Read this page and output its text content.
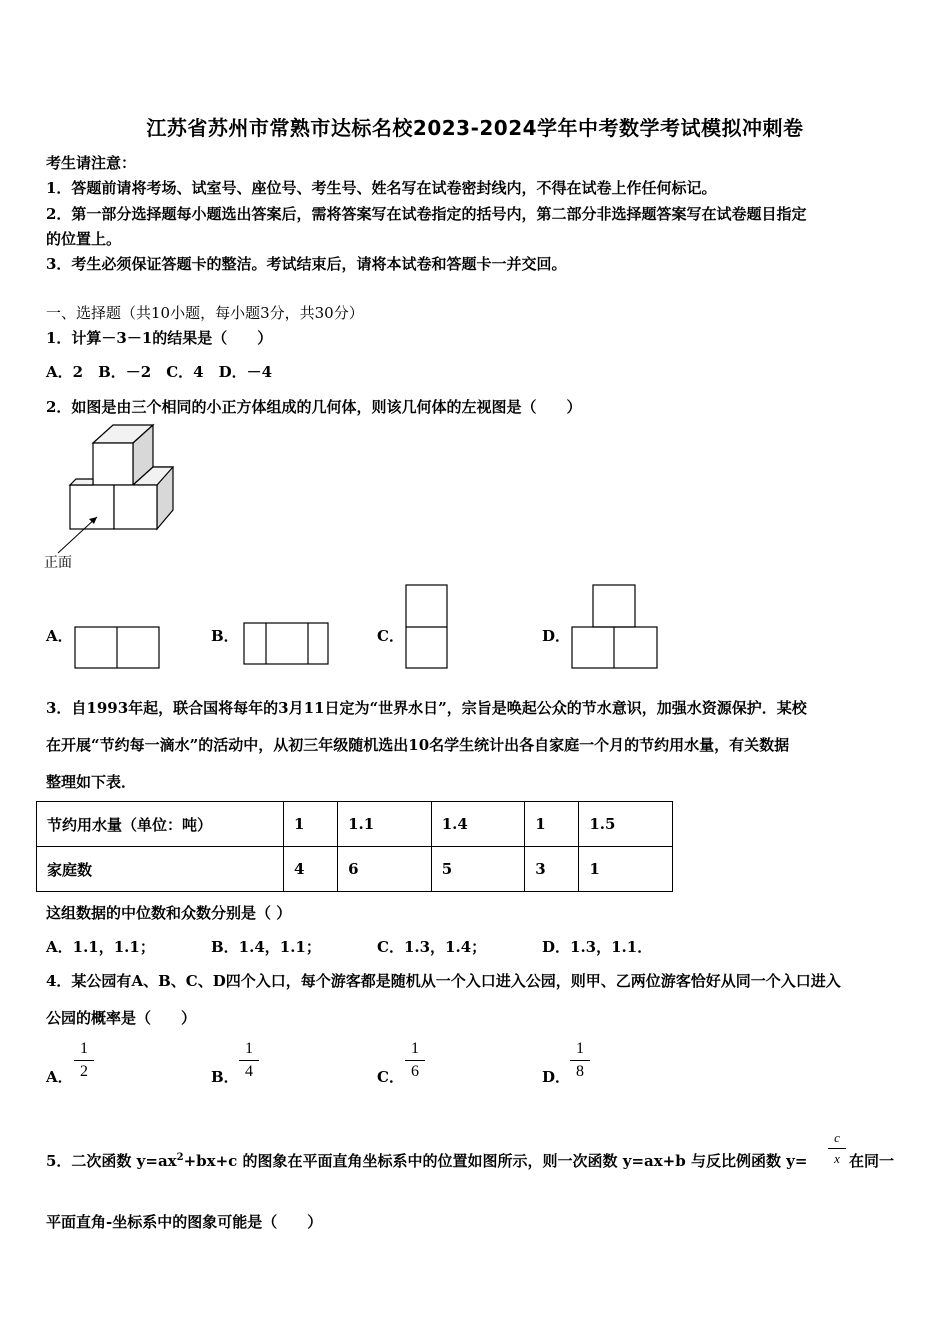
江苏省苏州市常熟市达标名校2023-2024学年中考数学考试模拟冲刺卷
考生请注意：
1．答题前请将考场、试室号、座位号、考生号、姓名写在试卷密封线内，不得在试卷上作任何标记。
2．第一部分选择题每小题选出答案后，需将答案写在试卷指定的括号内，第二部分非选择题答案写在试卷题目指定
的位置上。
3．考生必须保证答题卡的整洁。考试结束后，请将本试卷和答题卡一并交回。
一、选择题（共10小题，每小题3分，共30分）
1．计算－3－1的结果是（　　）
A．2　B．－2　C．4　D．－4
2．如图是由三个相同的小正方体组成的几何体，则该几何体的左视图是（　　）
正面
A．	B．	C．	D．
3．自1993年起，联合国将每年的3月11日定为“世界水日”，宗旨是唤起公众的节水意识，加强水资源保护．某校
在开展“节约每一滴水”的活动中，从初三年级随机选出10名学生统计出各自家庭一个月的节约用水量，有关数据
整理如下表．
节约用水量（单位：吨）	1	1.1	1.4	1	1.5
家庭数	4	6	5	3	1
这组数据的中位数和众数分别是（ ）
A．1.1，1.1；	B．1.4，1.1；	C．1.3，1.4；	D．1.3，1.1．
4．某公园有A、B、C、D四个入口，每个游客都是随机从一个入口进入公园，则甲、乙两位游客恰好从同一个入口进入
公园的概率是（　　）
A．
1
2	B．
1
4	C．
1
6	D．
1
8
5．二次函数 $y=ax^2+bx+c$ 的图象在平面直角坐标系中的位置如图所示，则一次函数 y=ax+b 与反比例函数 y=
c
x 在同一
平面直角-坐标系中的图象可能是（　　）
